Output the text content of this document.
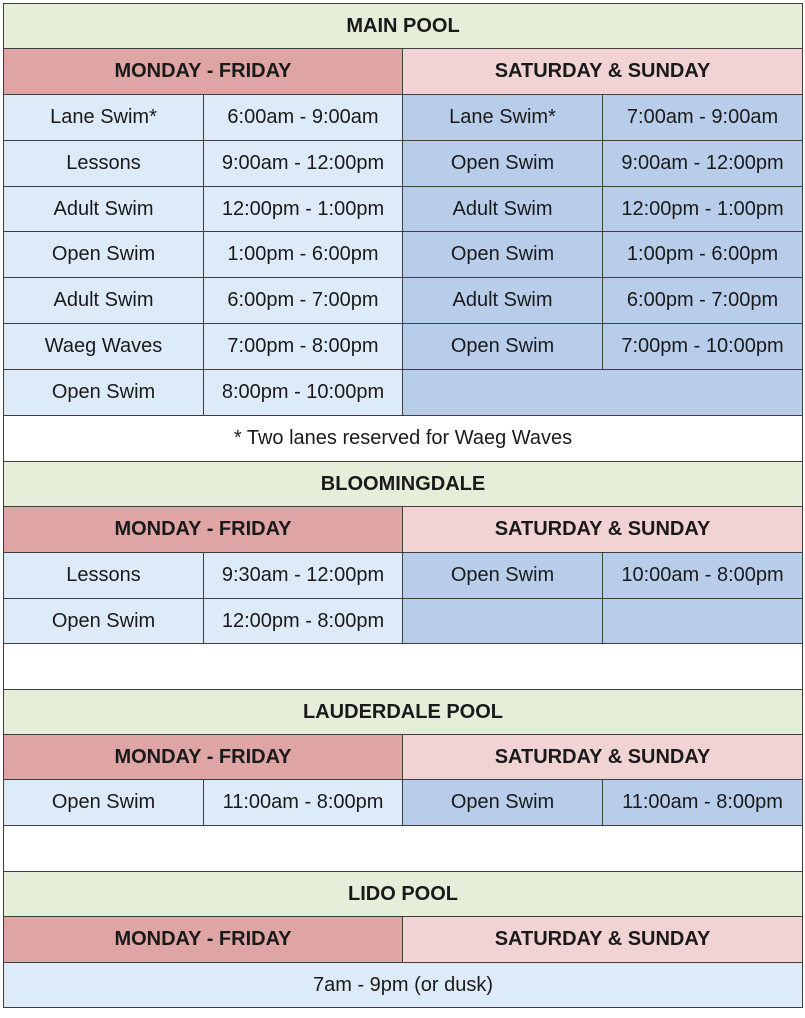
MAIN POOL			
MONDAY - FRIDAY		SATURDAY & SUNDAY	
Lane Swim*	6:00am - 9:00am	Lane Swim*	7:00am - 9:00am
Lessons	9:00am - 12:00pm	Open Swim	9:00am - 12:00pm
Adult Swim	12:00pm - 1:00pm	Adult Swim	12:00pm - 1:00pm
Open Swim	1:00pm - 6:00pm	Open Swim	1:00pm - 6:00pm
Adult Swim	6:00pm - 7:00pm	Adult Swim	6:00pm - 7:00pm
Waeg Waves	7:00pm - 8:00pm	Open Swim	7:00pm - 10:00pm
Open Swim	8:00pm - 10:00pm		
* Two lanes reserved for Waeg Waves			
BLOOMINGDALE			
MONDAY - FRIDAY		SATURDAY & SUNDAY	
Lessons	9:30am - 12:00pm	Open Swim	10:00am - 8:00pm
Open Swim	12:00pm - 8:00pm		

LAUDERDALE POOL			
MONDAY - FRIDAY		SATURDAY & SUNDAY	
Open Swim	11:00am - 8:00pm	Open Swim	11:00am - 8:00pm

LIDO POOL			
MONDAY - FRIDAY		SATURDAY & SUNDAY	
7am - 9pm (or dusk)			
